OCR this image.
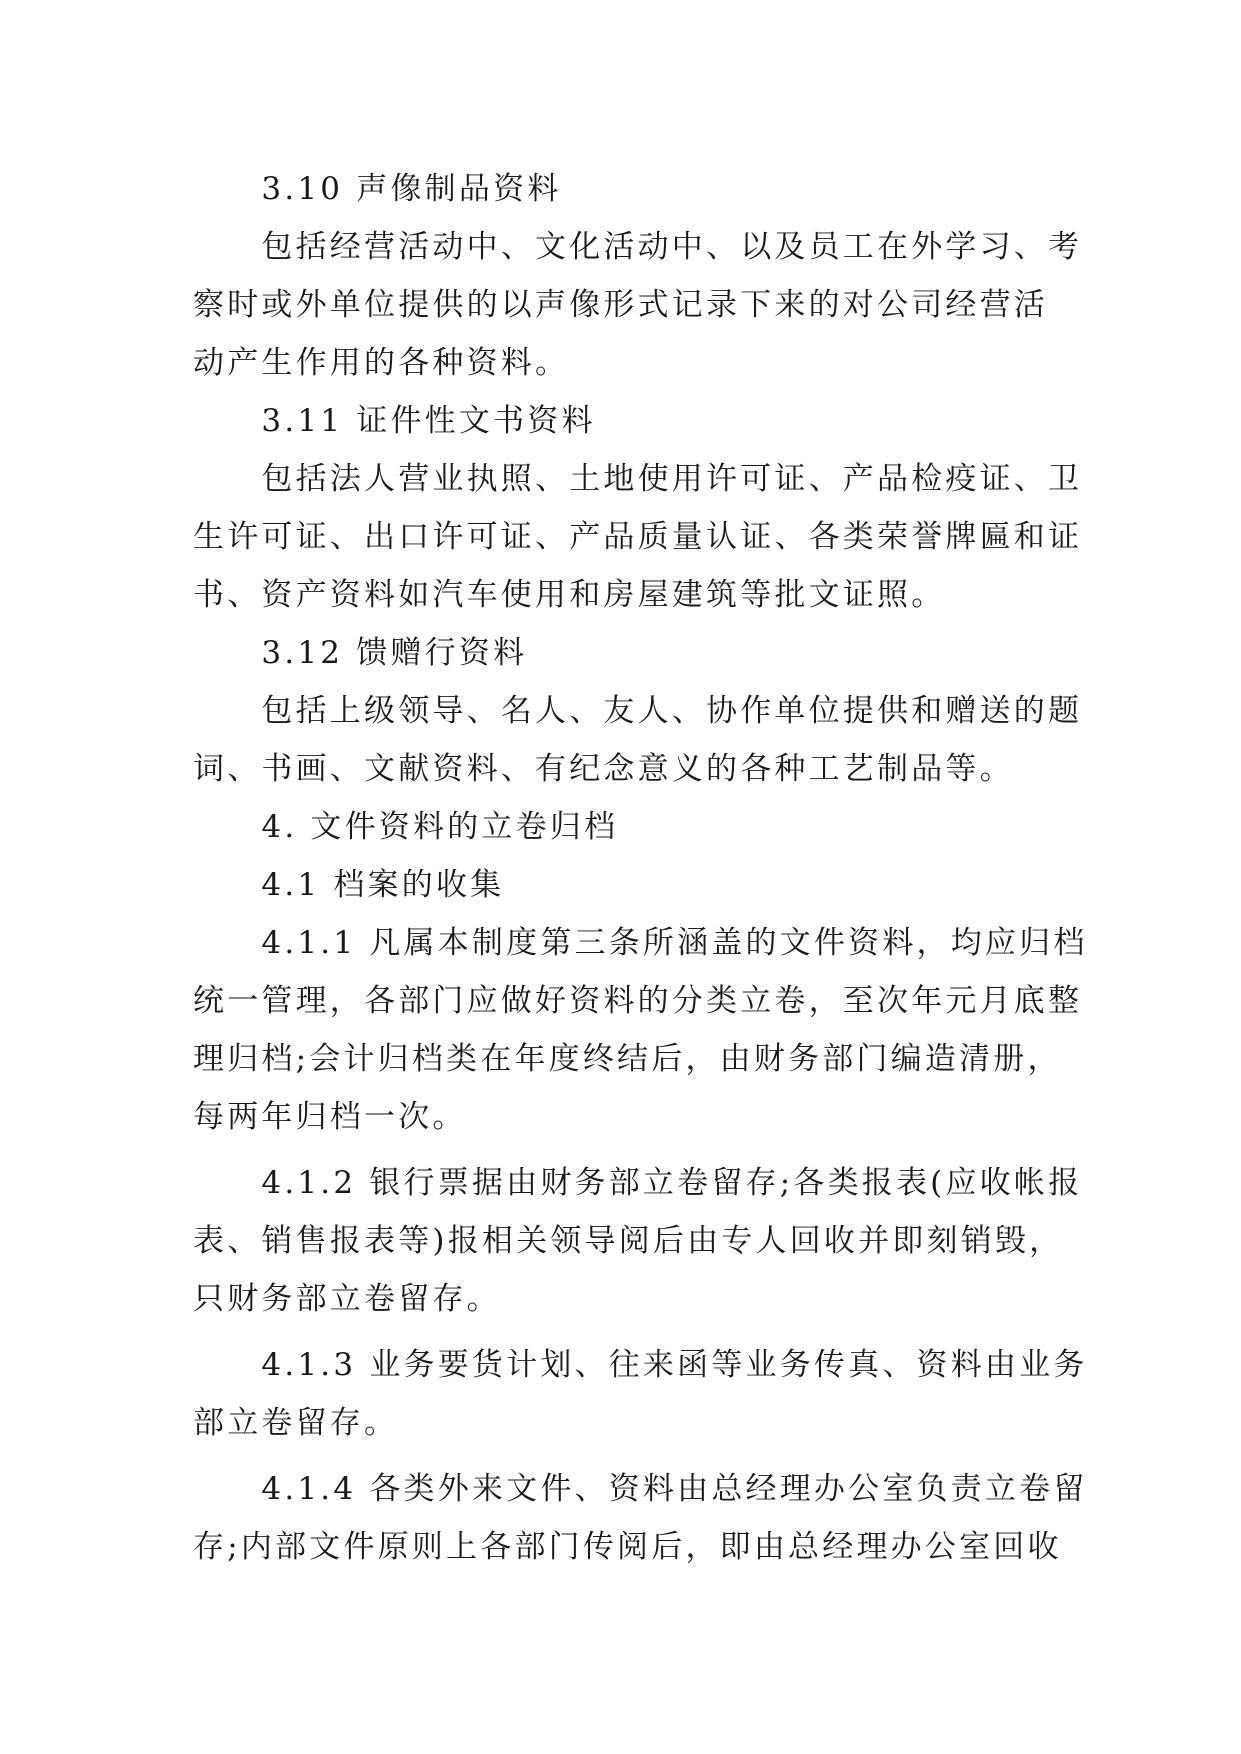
　　3.10 声像制品资料
　　包括经营活动中、文化活动中、以及员工在外学习、考
察时或外单位提供的以声像形式记录下来的对公司经营活
动产生作用的各种资料。
　　3.11 证件性文书资料
　　包括法人营业执照、土地使用许可证、产品检疫证、卫
生许可证、出口许可证、产品质量认证、各类荣誉牌匾和证
书、资产资料如汽车使用和房屋建筑等批文证照。
　　3.12 馈赠行资料
　　包括上级领导、名人、友人、协作单位提供和赠送的题
词、书画、文献资料、有纪念意义的各种工艺制品等。
　　4. 文件资料的立卷归档
　　4.1 档案的收集
　　4.1.1 凡属本制度第三条所涵盖的文件资料，均应归档
统一管理，各部门应做好资料的分类立卷，至次年元月底整
理归档;会计归档类在年度终结后，由财务部门编造清册，
每两年归档一次。
　　4.1.2 银行票据由财务部立卷留存;各类报表(应收帐报
表、销售报表等)报相关领导阅后由专人回收并即刻销毁，
只财务部立卷留存。
　　4.1.3 业务要货计划、往来函等业务传真、资料由业务
部立卷留存。
　　4.1.4 各类外来文件、资料由总经理办公室负责立卷留
存;内部文件原则上各部门传阅后，即由总经理办公室回收
